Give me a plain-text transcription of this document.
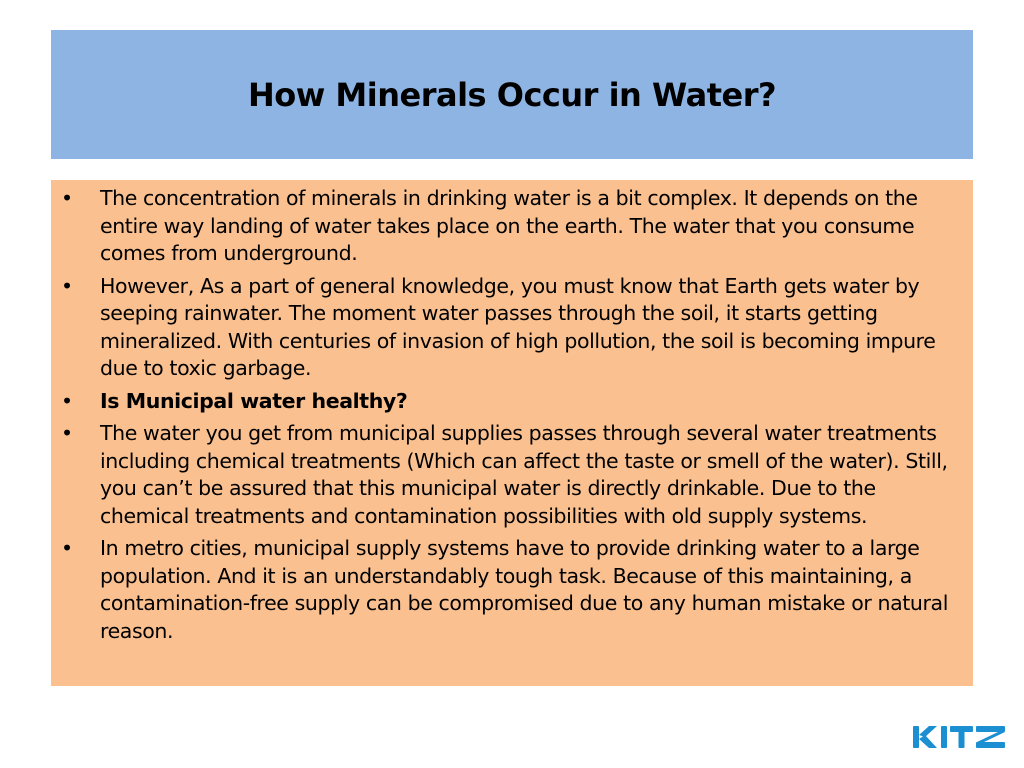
How Minerals Occur in Water?
• The concentration of minerals in drinking water is a bit complex. It depends on the entire way landing of water takes place on the earth. The water that you consume comes from underground.
• However, As a part of general knowledge, you must know that Earth gets water by seeping rainwater. The moment water passes through the soil, it starts getting mineralized. With centuries of invasion of high pollution, the soil is becoming impure due to toxic garbage.
• Is Municipal water healthy?
• The water you get from municipal supplies passes through several water treatments including chemical treatments (Which can affect the taste or smell of the water). Still, you can’t be assured that this municipal water is directly drinkable. Due to the chemical treatments and contamination possibilities with old supply systems.
• In metro cities, municipal supply systems have to provide drinking water to a large population. And it is an understandably tough task. Because of this maintaining, a contamination-free supply can be compromised due to any human mistake or natural reason.
